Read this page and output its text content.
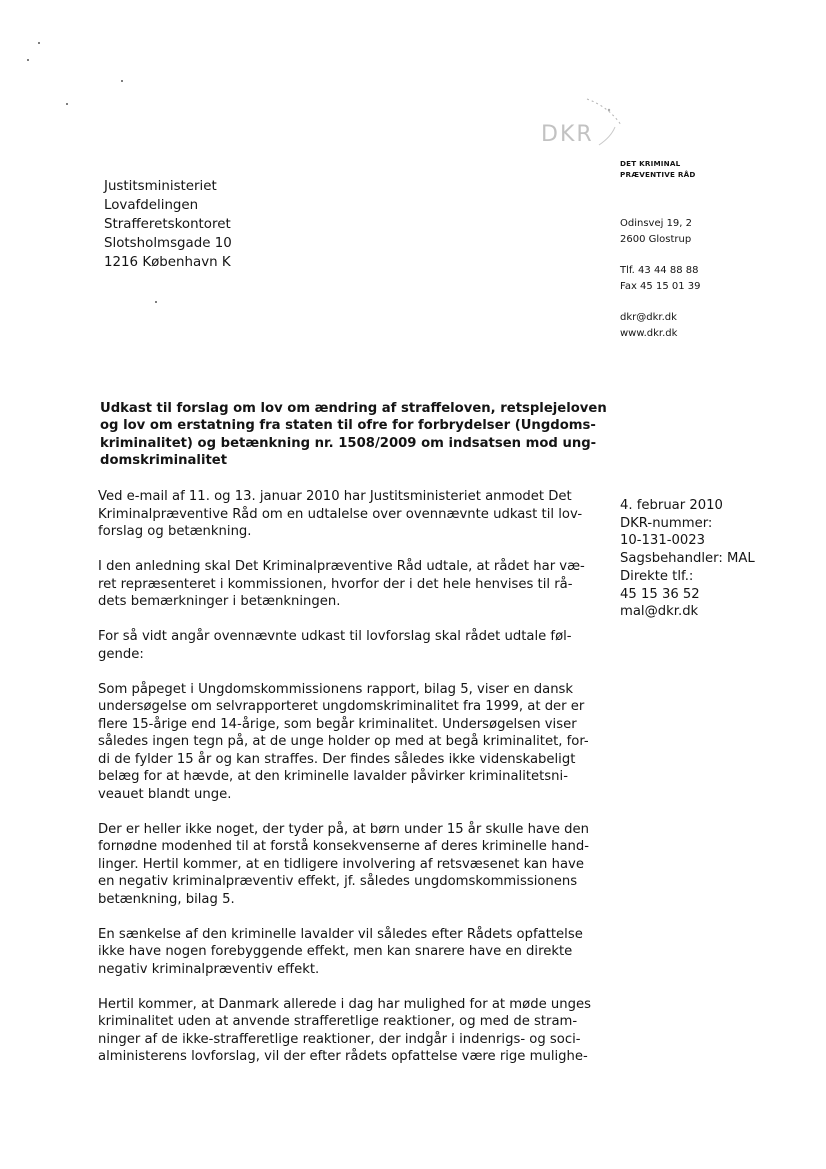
Justitsministeriet
Lovafdelingen
Strafferetskontoret
Slotsholmsgade 10
1216 København K
DKR
DET KRIMINAL
PRÆVENTIVE RÅD
Odinsvej 19, 2
2600 Glostrup
Tlf. 43 44 88 88
Fax 45 15 01 39
dkr@dkr.dk
www.dkr.dk
Udkast til forslag om lov om ændring af straffeloven, retsplejeloven
og lov om erstatning fra staten til ofre for forbrydelser (Ungdoms-
kriminalitet) og betænkning nr. 1508/2009 om indsatsen mod ung-
domskriminalitet
4. februar 2010
DKR-nummer:
10-131-0023
Sagsbehandler: MAL
Direkte tlf.:
45 15 36 52
mal@dkr.dk
Ved e-mail af 11. og 13. januar 2010 har Justitsministeriet anmodet Det
Kriminalpræventive Råd om en udtalelse over ovennævnte udkast til lov-
forslag og betænkning.
I den anledning skal Det Kriminalpræventive Råd udtale, at rådet har væ-
ret repræsenteret i kommissionen, hvorfor der i det hele henvises til rå-
dets bemærkninger i betænkningen.
For så vidt angår ovennævnte udkast til lovforslag skal rådet udtale føl-
gende:
Som påpeget i Ungdomskommissionens rapport, bilag 5, viser en dansk
undersøgelse om selvrapporteret ungdomskriminalitet fra 1999, at der er
flere 15-årige end 14-årige, som begår kriminalitet. Undersøgelsen viser
således ingen tegn på, at de unge holder op med at begå kriminalitet, for-
di de fylder 15 år og kan straffes. Der findes således ikke videnskabeligt
belæg for at hævde, at den kriminelle lavalder påvirker kriminalitetsni-
veauet blandt unge.
Der er heller ikke noget, der tyder på, at børn under 15 år skulle have den
fornødne modenhed til at forstå konsekvenserne af deres kriminelle hand-
linger. Hertil kommer, at en tidligere involvering af retsvæsenet kan have
en negativ kriminalpræventiv effekt, jf. således ungdomskommissionens
betænkning, bilag 5.
En sænkelse af den kriminelle lavalder vil således efter Rådets opfattelse
ikke have nogen forebyggende effekt, men kan snarere have en direkte
negativ kriminalpræventiv effekt.
Hertil kommer, at Danmark allerede i dag har mulighed for at møde unges
kriminalitet uden at anvende strafferetlige reaktioner, og med de stram-
ninger af de ikke-strafferetlige reaktioner, der indgår i indenrigs- og soci-
alministerens lovforslag, vil der efter rådets opfattelse være rige mulighe-
